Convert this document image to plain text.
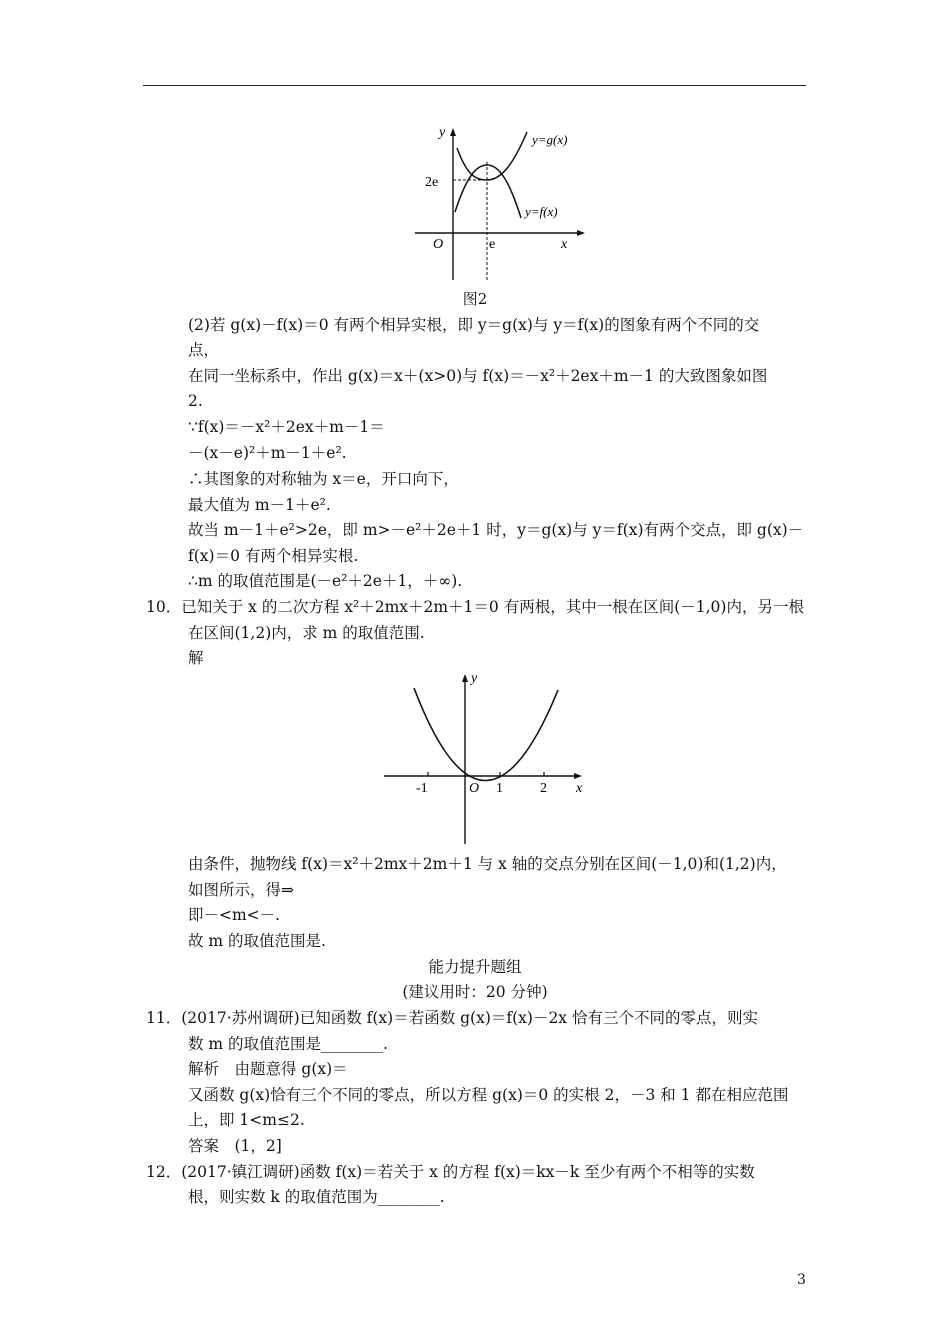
y
x
O
2e
e
y=g(x)
y=f(x)
图2
(2)若 g(x)－f(x)＝0 有两个相异实根，即 y＝g(x)与 y＝f(x)的图象有两个不同的交
点，
在同一坐标系中，作出 g(x)＝x＋(x>0)与 f(x)＝－x²＋2ex＋m－1 的大致图象如图
2.
∵f(x)＝－x²＋2ex＋m－1＝
－(x－e)²＋m－1＋e².
∴其图象的对称轴为 x＝e，开口向下，
最大值为 m－1＋e².
故当 m－1＋e²>2e，即 m>－e²＋2e＋1 时，y＝g(x)与 y＝f(x)有两个交点，即 g(x)－
f(x)＝0 有两个相异实根.
∴m 的取值范围是(－e²＋2e＋1，＋∞).
10．已知关于 x 的二次方程 x²＋2mx＋2m＋1＝0 有两根，其中一根在区间(－1,0)内，另一根
在区间(1,2)内，求 m 的取值范围.
解
y
x
O
-1	1	2
由条件，抛物线 f(x)＝x²＋2mx＋2m＋1 与 x 轴的交点分别在区间(－1,0)和(1,2)内，
如图所示，得⇒
即－<m<－.
故 m 的取值范围是.
能力提升题组
(建议用时：20 分钟)
11．(2017·苏州调研)已知函数 f(x)＝若函数 g(x)＝f(x)－2x 恰有三个不同的零点，则实
数 m 的取值范围是________.
解析　由题意得 g(x)＝
又函数 g(x)恰有三个不同的零点，所以方程 g(x)＝0 的实根 2，－3 和 1 都在相应范围
上，即 1<m≤2.
答案　(1，2]
12．(2017·镇江调研)函数 f(x)＝若关于 x 的方程 f(x)＝kx－k 至少有两个不相等的实数
根，则实数 k 的取值范围为________.
3
